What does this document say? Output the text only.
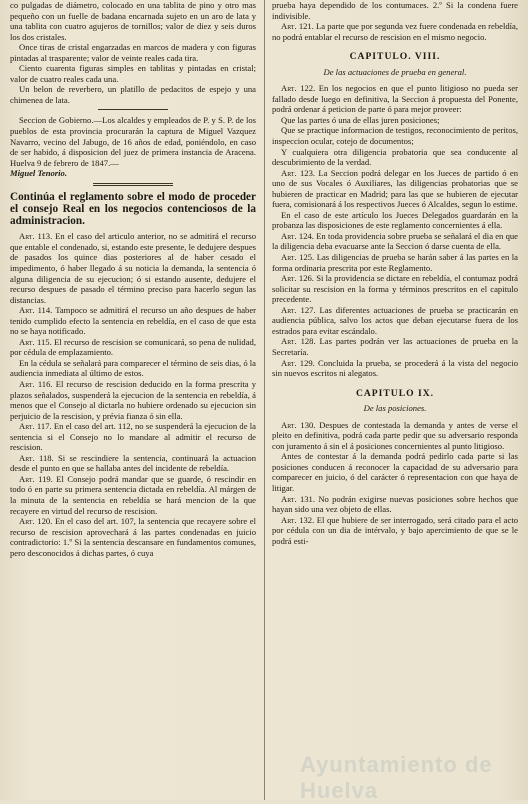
co pulgadas de diámetro, colocado en una tablita de pino y otro mas pequeño con un fuelle de badana encarnada sujeto en un aro de lata y una tablita con cuatro agujeros de tornillos; valor de diez y seis duros los dos cristales.

Once tiras de cristal engarzadas en marcos de madera y con figuras pintadas al trasparente; valor de veinte reales cada tira.

Ciento cuarenta figuras simples en tablitas y pintadas en cristal; valor de cuatro reales cada una.

Un belon de reverbero, un platillo de pedacitos de espejo y una chimenea de lata.

Seccion de Gobierno.—Los alcaldes y empleados de P. y S. P. de los pueblos de esta provincia procurarán la captura de Miguel Vazquez Navarro, vecino del Jabugo, de 16 años de edad, poniéndolo, en caso de ser habido, á disposicion del juez de primera instancia de Aracena. Huelva 9 de febrero de 1847.—

Miguel Tenorio.

Continúa el reglamento sobre el modo de proceder el consejo Real en los negocios contenciosos de la administracion.

Art. 113. En el caso del articulo anterior, no se admitirá el recurso que entable el condenado, si, estando este presente, le dedujere despues de pasados los quince dias posteriores al de haber cesado el impedimento, ó haber llegado á su noticia la demanda, la sentencia ó alguna diligencia de su ejecucion; ó si estando ausente, dedujere el recurso despues de pasado el término preciso para hacerlo segun las distancias.

Art. 114. Tampoco se admitirá el recurso un año despues de haber tenido cumplido efecto la sentencia en rebeldía, en el caso de que esta no se haya notificado.

Art. 115. El recurso de rescision se comunicará, so pena de nulidad, por cédula de emplazamiento.

En la cédula se señalará para comparecer el término de seis dias, ó la audiencia inmediata al último de estos.

Art. 116. El recurso de rescision deducido en la forma prescrita y plazos señalados, suspenderá la ejecucion de la sentencia en rebeldía, á menos que el Consejo al dictarla no hubiere ordenado su ejecucion sin perjuicio de la rescision, y prévia fianza ó sin ella.

Art. 117. En el caso del art. 112, no se suspenderá la ejecucion de la sentencia si el Consejo no lo mandare al admitir el recurso de rescision.

Art. 118. Si se rescindiere la sentencia, continuará la actuacion desde el punto en que se hallaba antes del incidente de rebeldía.

Art. 119. El Consejo podrá mandar que se guarde, ó rescindir en todo ó en parte su primera sentencia dictada en rebeldía. Al márgen de la minuta de la sentencia en rebeldía se hará mencion de la que recayere en virtud del recurso de rescision.

Art. 120. En el caso del art. 107, la sentencia que recayere sobre el recurso de rescision aprovechará á las partes condenadas en juicio contradictorio: 1.º Si la sentencia descansare en fundamentos comunes, pero desconocidos á dichas partes, ó cuya

prueba haya dependido de los contumaces. 2.º Si la condena fuere indivisible.

Art. 121. La parte que por segunda vez fuere condenada en rebeldía, no podrá entablar el recurso de rescision en el mismo negocio.

CAPITULO. VIII.

De las actuaciones de prueba en general.

Art. 122. En los negocios en que el punto litigioso no pueda ser fallado desde luego en definitiva, la Seccion á propuesta del Ponente, podrá ordenar á peticion de parte ó para mejor proveer:

Que las partes ó una de ellas juren posiciones;

Que se practique informacion de testigos, reconocimiento de peritos, inspeccion ocular, cotejo de documentos;

Y cualquiera otra diligencia probatoria que sea conducente al descubrimiento de la verdad.

Art. 123. La Seccion podrá delegar en los Jueces de partido ó en uno de sus Vocales ó Auxiliares, las diligencias probatorias que se hubieren de practicar en Madrid; para las que se hubieren de ejecutar fuera, comisionará á los respectivos Jueces ó Alcaldes, segun lo estime.

En el caso de este artículo los Jueces Delegados guardarán en la probanza las disposiciones de este reglamento concernientes á ella.

Art. 124. En toda providencia sobre prueba se señalará el dia en que la diligencia deba evacuarse ante la Seccion ó darse cuenta de ella.

Art. 125. Las diligencias de prueba se harán saber á las partes en la forma ordinaria prescrita por este Reglamento.

Art. 126. Si la providencia se dictare en rebeldía, el contumaz podrá solicitar su rescision en la forma y términos prescritos en el capitulo precedente.

Art. 127. Las diferentes actuaciones de prueba se practicarán en audiencia pública, salvo los actos que deban ejecutarse fuera de los estrados para evitar escándalo.

Art. 128. Las partes podrán ver las actuaciones de prueba en la Secretaría.

Art. 129. Concluida la prueba, se procederá á la vista del negocio sin nuevos escritos ni alegatos.

CAPITULO IX.

De las posiciones.

Art. 130. Despues de contestada la demanda y antes de verse el pleito en definitiva, podrá cada parte pedir que su adversario responda con juramento á sin el á posiciones concernientes al punto litigioso.

Antes de contestar á la demanda podrá pedirlo cada parte si las posiciones conducen á reconocer la capacidad de su adversario para comparecer en juicio, ó del carácter ó representacion con que haya de litigar.

Art. 131. No podrán exigirse nuevas posiciones sobre hechos que hayan sido una vez objeto de ellas.

Art. 132. El que hubiere de ser interrogado, será citado para el acto por cédula con un dia de intérvalo, y bajo apercimiento de que se le podrá esti-

Ayuntamiento de Huelva
